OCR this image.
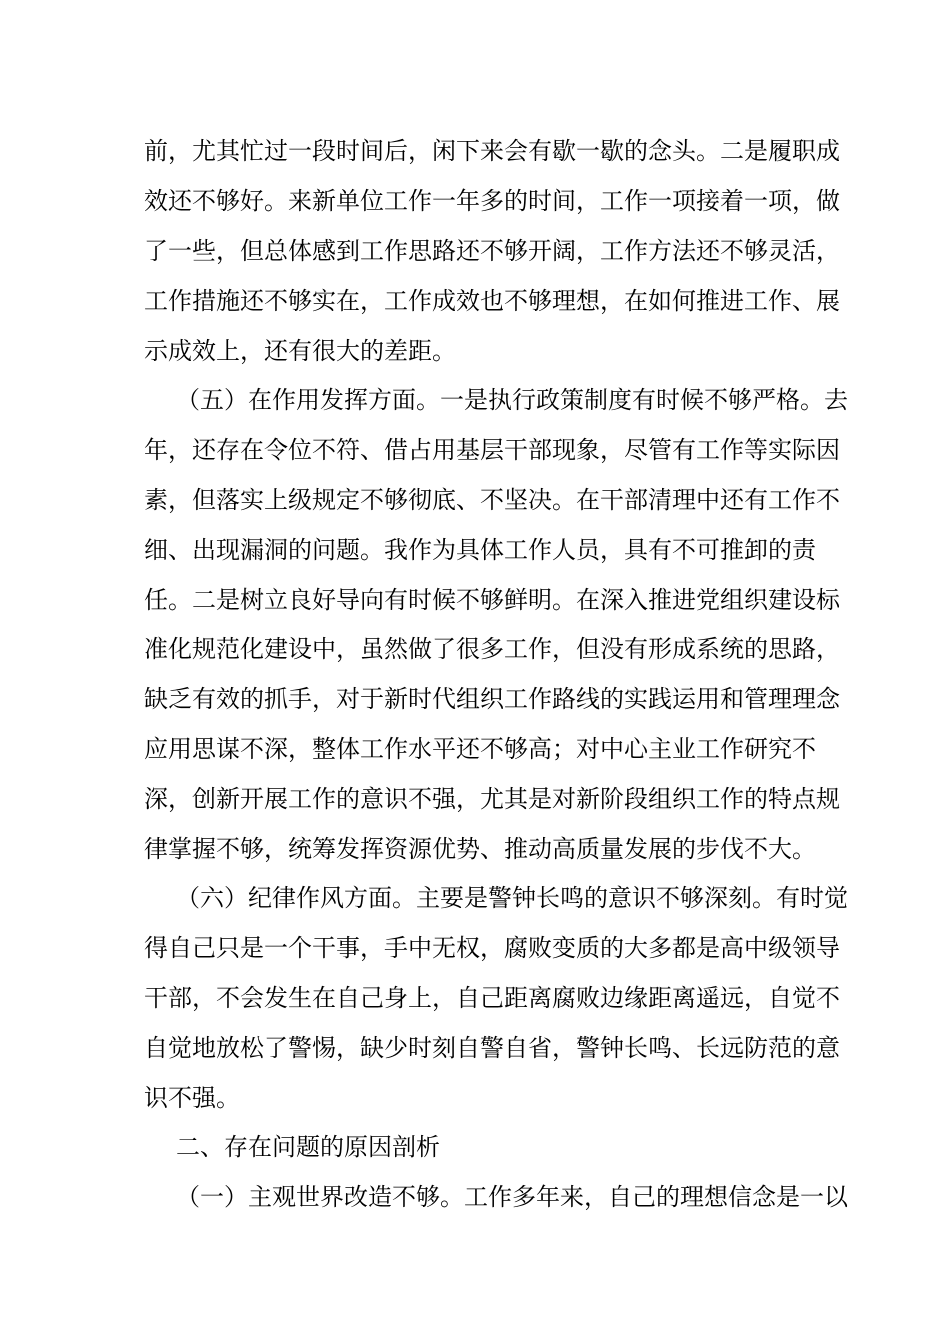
前，尤其忙过一段时间后，闲下来会有歇一歇的念头。二是履职成
效还不够好。来新单位工作一年多的时间，工作一项接着一项，做
了一些，但总体感到工作思路还不够开阔，工作方法还不够灵活，
工作措施还不够实在，工作成效也不够理想，在如何推进工作、展
示成效上，还有很大的差距。
（五）在作用发挥方面。一是执行政策制度有时候不够严格。去
年，还存在令位不符、借占用基层干部现象，尽管有工作等实际因
素，但落实上级规定不够彻底、不坚决。在干部清理中还有工作不
细、出现漏洞的问题。我作为具体工作人员，具有不可推卸的责
任。二是树立良好导向有时候不够鲜明。在深入推进党组织建设标
准化规范化建设中，虽然做了很多工作，但没有形成系统的思路，
缺乏有效的抓手，对于新时代组织工作路线的实践运用和管理理念
应用思谋不深，整体工作水平还不够高；对中心主业工作研究不
深，创新开展工作的意识不强，尤其是对新阶段组织工作的特点规
律掌握不够，统筹发挥资源优势、推动高质量发展的步伐不大。
（六）纪律作风方面。主要是警钟长鸣的意识不够深刻。有时觉
得自己只是一个干事，手中无权，腐败变质的大多都是高中级领导
干部，不会发生在自己身上，自己距离腐败边缘距离遥远，自觉不
自觉地放松了警惕，缺少时刻自警自省，警钟长鸣、长远防范的意
识不强。
二、存在问题的原因剖析
（一）主观世界改造不够。工作多年来，自己的理想信念是一以
